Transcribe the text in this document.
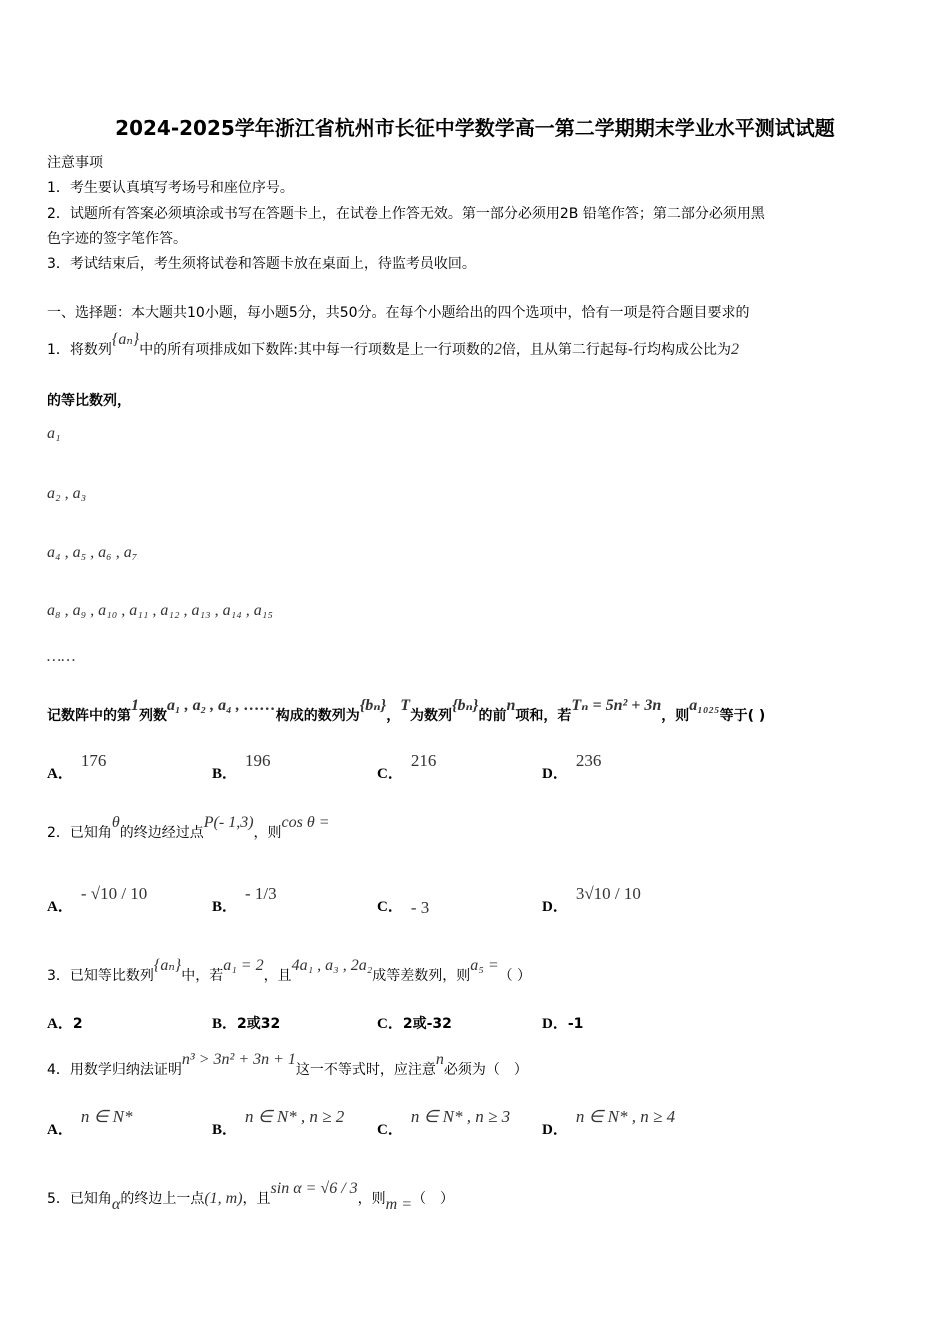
2024-2025学年浙江省杭州市长征中学数学高一第二学期期末学业水平测试试题
注意事项
1．考生要认真填写考场号和座位序号。
2．试题所有答案必须填涂或书写在答题卡上，在试卷上作答无效。第一部分必须用2B 铅笔作答；第二部分必须用黑
色字迹的签字笔作答。
3．考试结束后，考生须将试卷和答题卡放在桌面上，待监考员收回。
一、选择题：本大题共10小题，每小题5分，共50分。在每个小题给出的四个选项中，恰有一项是符合题目要求的
1．将数列{aₙ}中的所有项排成如下数阵:其中每一行项数是上一行项数的2倍，且从第二行起每-行均构成公比为2
的等比数列，
a₁
a₂ , a₃
a₄ , a₅ , a₆ , a₇
a₈ , a₉ , a₁₀ , a₁₁ , a₁₂ , a₁₃ , a₁₄ , a₁₅
……
记数阵中的第1列数a₁ , a₂ , a₄ , ……构成的数列为{bₙ}，T为数列{bₙ}的前n项和，若Tₙ = 5n² + 3n，则a₁₀₂₅等于( )
A．176
B．196
C．216
D．236
2．已知角θ的终边经过点P(- 1,3)，则cos θ =
A．- √10 / 10
B．- 1/3
C． - 3	D．3√10 / 10
3．已知等比数列{aₙ}中，若a₁ = 2，且4a₁ , a₃ , 2a₂成等差数列，则a₅ =（ ）
A．2	B．2或32	C．2或-32	D．-1
4．用数学归纳法证明n³ > 3n² + 3n + 1这一不等式时，应注意n必须为（　）
A．n ∈ N*
B．n ∈ N* , n ≥ 2
C．n ∈ N* , n ≥ 3
D．n ∈ N* , n ≥ 4
5．已知角α的终边上一点(1, m)，且sin α = √6 / 3，则m =（　）
